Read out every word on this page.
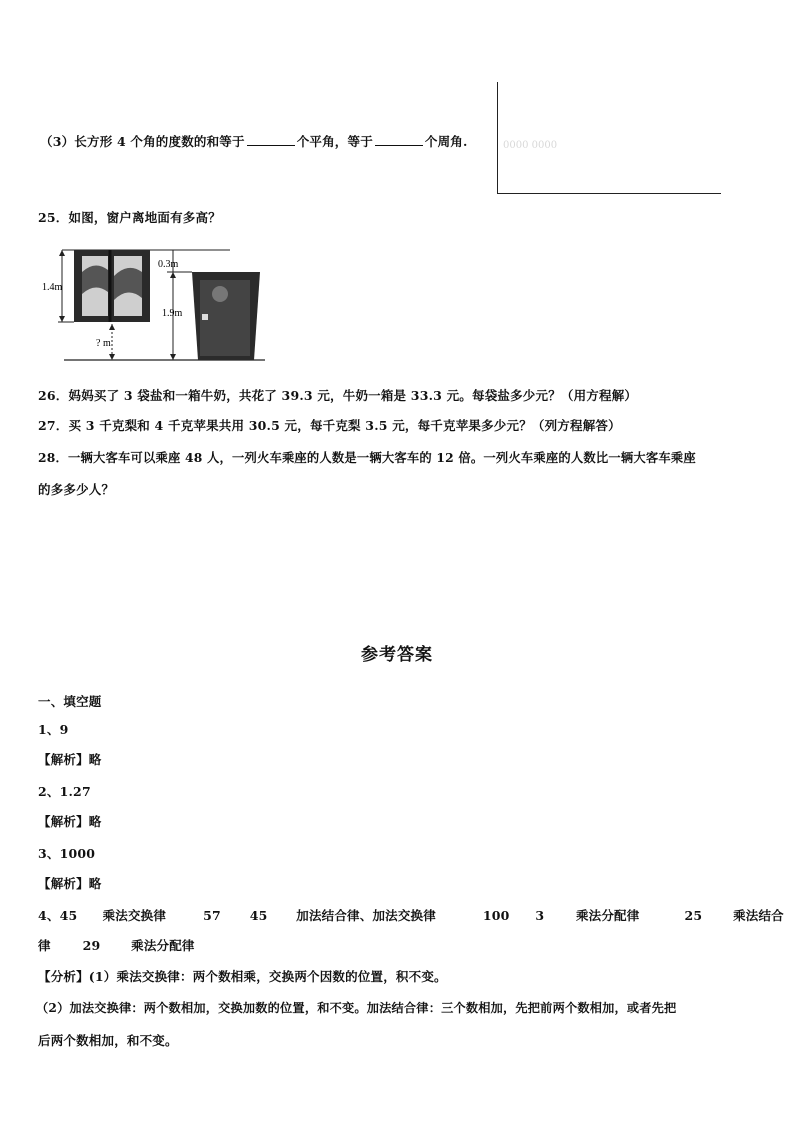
（3）长方形 4 个角的度数的和等于	个平角，等于	个周角.	0000 0000
25．如图，窗户离地面有多高？
1.4m
? m
0.3m
1.9m
26．妈妈买了 3 袋盐和一箱牛奶，共花了 39.3 元，牛奶一箱是 33.3 元。每袋盐多少元？（用方程解）
27．买 3 千克梨和 4 千克苹果共用 30.5 元，每千克梨 3.5 元，每千克苹果多少元？（列方程解答）
28．一辆大客车可以乘座 48 人，一列火车乘座的人数是一辆大客车的 12 倍。一列火车乘座的人数比一辆大客车乘座
的多多少人？
参考答案
一、填空题
1、9
【解析】略
2、1.27
【解析】略
3、1000
【解析】略
4、45 乘法交换律	57 45 加法结合律、加法交换律	100 3	乘法分配律	25 乘法结合
律	29 乘法分配律
【分析】(1）乘法交换律：两个数相乘，交换两个因数的位置，积不变。
（2）加法交换律：两个数相加，交换加数的位置，和不变。加法结合律：三个数相加，先把前两个数相加，或者先把
后两个数相加，和不变。
